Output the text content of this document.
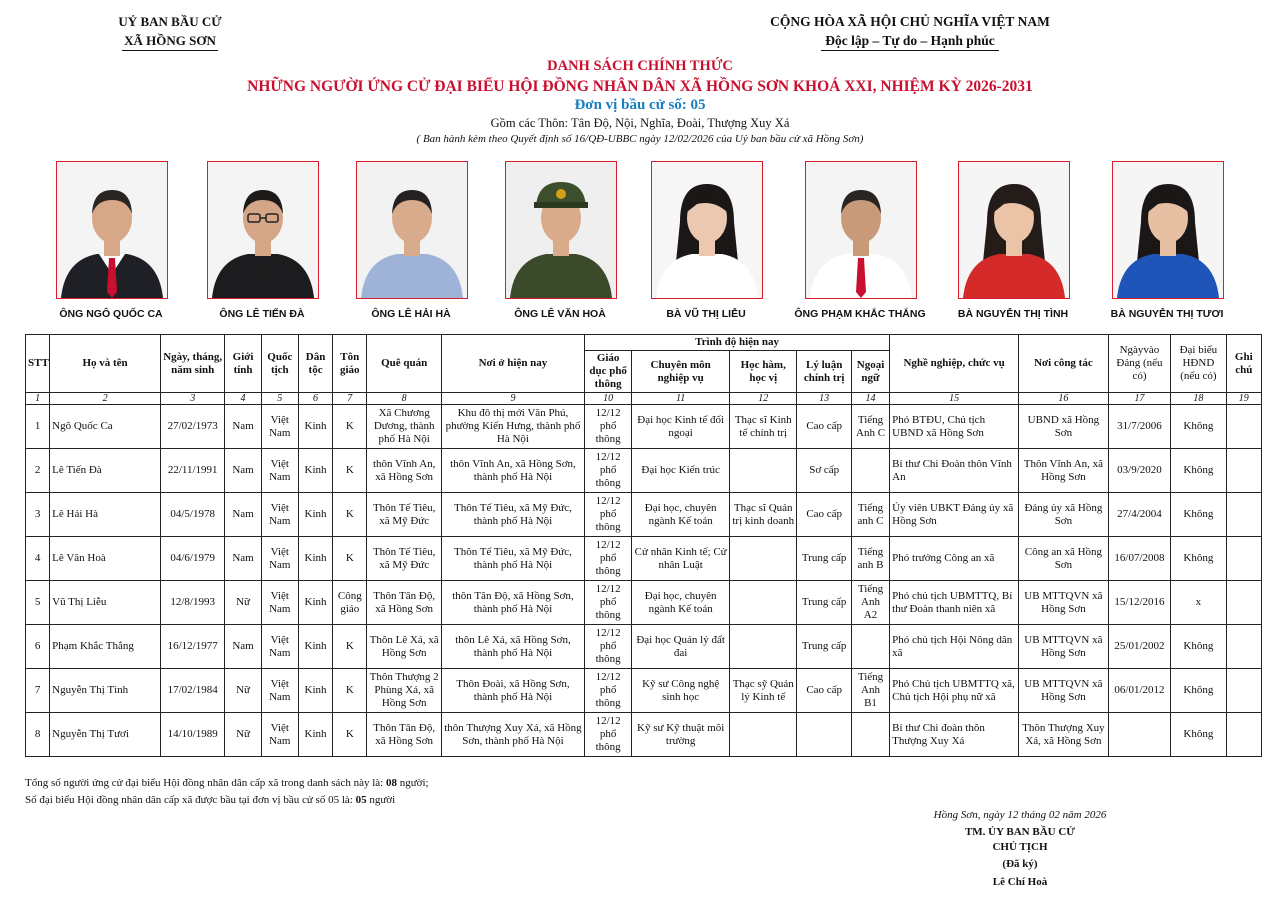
UỶ BAN BẦU CỬ
XÃ HỒNG SƠN
CỘNG HÒA XÃ HỘI CHỦ NGHĨA VIỆT NAM
Độc lập – Tự do – Hạnh phúc
DANH SÁCH CHÍNH THỨC
NHỮNG NGƯỜI ỨNG CỬ ĐẠI BIỂU HỘI ĐỒNG NHÂN DÂN XÃ HỒNG SƠN KHOÁ XXI, NHIỆM KỲ 2026-2031
Đơn vị bầu cử số: 05
Gồm các Thôn: Tân Độ, Nội, Nghĩa, Đoài, Thượng Xuy Xá
( Ban hành kèm theo Quyết định số 16/QĐ-UBBC ngày 12/02/2026 của Uỷ ban bầu cử xã Hồng Sơn)
ÔNG NGÔ QUỐC CA	ÔNG LÊ TIẾN ĐÀ	ÔNG LÊ HẢI HÀ	ÔNG LÊ VĂN HOÀ	BÀ VŨ THỊ LIỄU	ÔNG PHẠM KHẮC THẮNG	BÀ NGUYỄN THỊ TÌNH	BÀ NGUYỄN THỊ TƯƠI
STT	Họ và tên	Ngày, tháng, năm sinh	Giới tính	Quốc tịch	Dân tộc	Tôn giáo	Quê quán	Nơi ở hiện nay	Trình độ hiện nay					Nghề nghiệp, chức vụ	Nơi công tác	Ngàyvào Đảng (nếu có)	Đại biểu HĐND (nếu có)	Ghi chú
									Giáo dục phổ thông	Chuyên môn nghiệp vụ	Học hàm, học vị	Lý luận chính trị	Ngoại ngữ					
1	2	3	4	5	6	7	8	9	10	11	12	13	14	15	16	17	18	19
1	Ngô Quốc Ca	27/02/1973	Nam	Việt Nam	Kinh	K	Xã Chương Dương, thành phố Hà Nội	Khu đô thị mới Văn Phú, phường Kiến Hưng, thành phố Hà Nội	12/12 phổ thông	Đại học Kinh tế đối ngoại	Thạc sĩ Kinh tế chính trị	Cao cấp	Tiếng Anh C	Phó BTĐU, Chủ tịch UBND xã Hồng Sơn	UBND xã Hồng Sơn	31/7/2006	Không	
2	Lê Tiến Đà	22/11/1991	Nam	Việt Nam	Kinh	K	thôn Vĩnh An, xã Hồng Sơn	thôn Vĩnh An, xã Hồng Sơn, thành phố Hà Nội	12/12 phổ thông	Đại học Kiến trúc		Sơ cấp		Bí thư Chi Đoàn thôn Vĩnh An	Thôn Vĩnh An, xã Hồng Sơn	03/9/2020	Không	
3	Lê Hải Hà	04/5/1978	Nam	Việt Nam	Kinh	K	Thôn Tế Tiêu, xã Mỹ Đức	Thôn Tế Tiêu, xã Mỹ Đức, thành phố Hà Nội	12/12 phổ thông	Đại học, chuyên ngành Kế toán	Thạc sĩ Quản trị kinh doanh	Cao cấp	Tiếng anh C	Ủy viên UBKT Đảng ủy xã Hồng Sơn	Đảng ủy xã Hồng Sơn	27/4/2004	Không	
4	Lê Văn Hoà	04/6/1979	Nam	Việt Nam	Kinh	K	Thôn Tế Tiêu, xã Mỹ Đức	Thôn Tế Tiêu, xã Mỹ Đức, thành phố Hà Nội	12/12 phổ thông	Cử nhân Kinh tế; Cử nhân Luật		Trung cấp	Tiếng anh B	Phó trưởng Công an xã	Công an xã Hồng Sơn	16/07/2008	Không	
5	Vũ Thị Liễu	12/8/1993	Nữ	Việt Nam	Kinh	Công giáo	Thôn Tân Độ, xã Hồng Sơn	thôn Tân Độ, xã Hồng Sơn, thành phố Hà Nội	12/12 phổ thông	Đại học, chuyên ngành Kế toán		Trung cấp	Tiếng Anh A2	Phó chủ tịch UBMTTQ, Bí thư Đoàn thanh niên xã	UB MTTQVN xã Hồng Sơn	15/12/2016	x	
6	Phạm Khắc Thắng	16/12/1977	Nam	Việt Nam	Kinh	K	Thôn Lê Xá, xã Hồng Sơn	thôn Lê Xá, xã Hồng Sơn, thành phố Hà Nội	12/12 phổ thông	Đại học Quản lý đất đai		Trung cấp		Phó chủ tịch Hội Nông dân xã	UB MTTQVN xã Hồng Sơn	25/01/2002	Không	
7	Nguyễn Thị Tình	17/02/1984	Nữ	Việt Nam	Kinh	K	Thôn Thượng 2 Phùng Xá, xã Hồng Sơn	Thôn Đoài, xã Hồng Sơn, thành phố Hà Nội	12/12 phổ thông	Kỹ sư Công nghệ sinh học	Thạc sỹ Quản lý Kinh tế	Cao cấp	Tiếng Anh B1	Phó Chủ tịch UBMTTQ xã, Chủ tịch Hội phụ nữ xã	UB MTTQVN xã Hồng Sơn	06/01/2012	Không	
8	Nguyễn Thị Tươi	14/10/1989	Nữ	Việt Nam	Kinh	K	Thôn Tân Độ, xã Hồng Sơn	thôn Thượng Xuy Xá, xã Hồng Sơn, thành phố Hà Nội	12/12 phổ thông	Kỹ sư Kỹ thuật môi trường				Bí thư Chi đoàn thôn Thượng Xuy Xá	Thôn Thượng Xuy Xá, xã Hồng Sơn		Không	
Tổng số người ứng cử đại biểu Hội đồng nhân dân cấp xã trong danh sách này là: 08 người;
Số đại biểu Hội đồng nhân dân cấp xã được bầu tại đơn vị bầu cử số 05 là: 05 người
Hồng Sơn, ngày 12 tháng 02 năm 2026
TM. ỦY BAN BẦU CỬ
CHỦ TỊCH
(Đã ký)
Lê Chí Hoà
